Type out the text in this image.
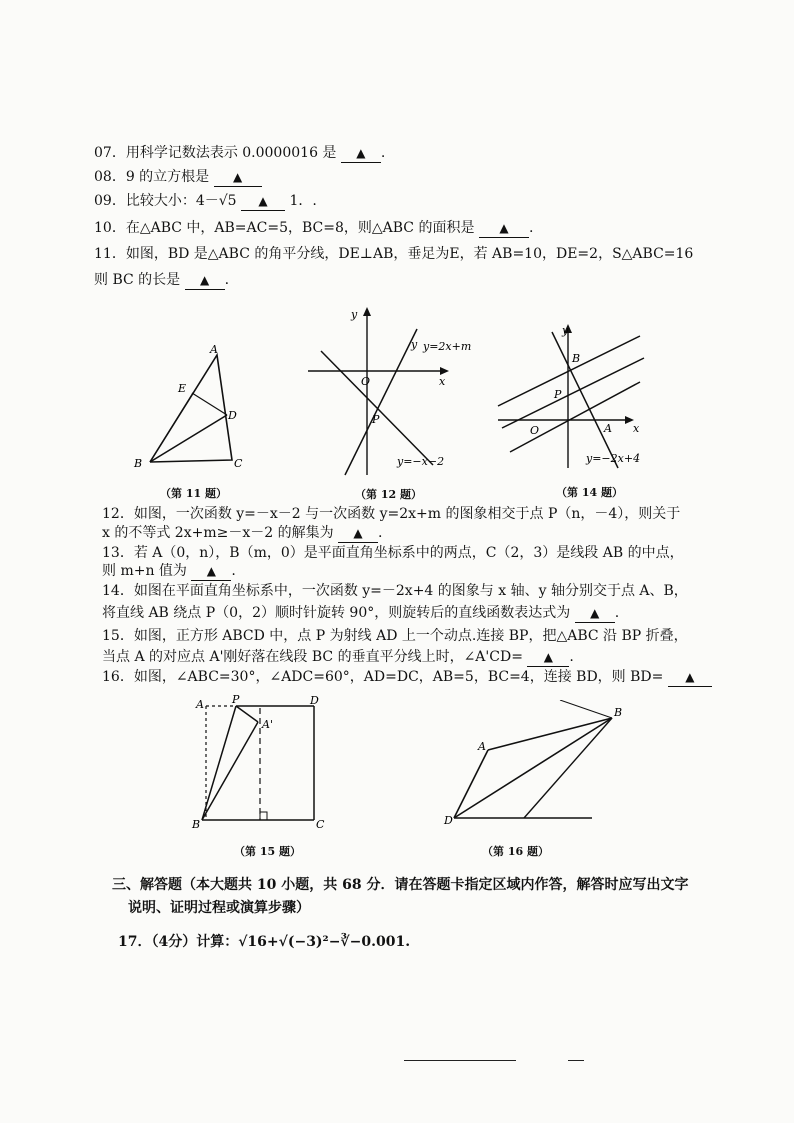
07．用科学记数法表示 0.0000016 是 ▲ .
08．9 的立方根是 ▲
09．比较大小：4－√5 ▲ 1．.
10．在△ABC 中，AB=AC=5，BC=8，则△ABC 的面积是 ▲ .
11．如图，BD 是△ABC 的角平分线，DE⊥AB，垂足为E，若 AB=10，DE=2，S△ABC=16
则 BC 的长是 ▲ .
A
E
D
B	C
（第 11 题）
y
x
O
P
y y=2x+m
y=−x−2
（第 12 题）
y
x
O
P
B
A
y=−2x+4
（第 14 题）
12．如图，一次函数 y=－x－2 与一次函数 y=2x+m 的图象相交于点 P（n，－4），则关于
x 的不等式 2x+m≥－x－2 的解集为 ▲ .
13．若 A（0，n），B（m，0）是平面直角坐标系中的两点，C（2，3）是线段 AB 的中点，
则 m+n 值为 ▲ .
14．如图在平面直角坐标系中，一次函数 y=－2x+4 的图象与 x 轴、y 轴分别交于点 A、B，
将直线 AB 绕点 P（0，2）顺时针旋转 90°，则旋转后的直线函数表达式为 ▲ .
15．如图，正方形 ABCD 中，点 P 为射线 AD 上一个动点.连接 BP，把△ABC 沿 BP 折叠，
当点 A 的对应点 A'刚好落在线段 BC 的垂直平分线上时，∠A'CD= ▲ .
16．如图，∠ABC=30°，∠ADC=60°，AD=DC，AB=5，BC=4，连接 BD，则 BD= ▲
A	P
A'
D
B	C
（第 15 题）
A
B
D
（第 16 题）
三、解答题（本大题共 10 小题，共 68 分．请在答题卡指定区域内作答，解答时应写出文字
说明、证明过程或演算步骤）
17．（4分）计算：√16+√(−3)²−∛−0.001.
